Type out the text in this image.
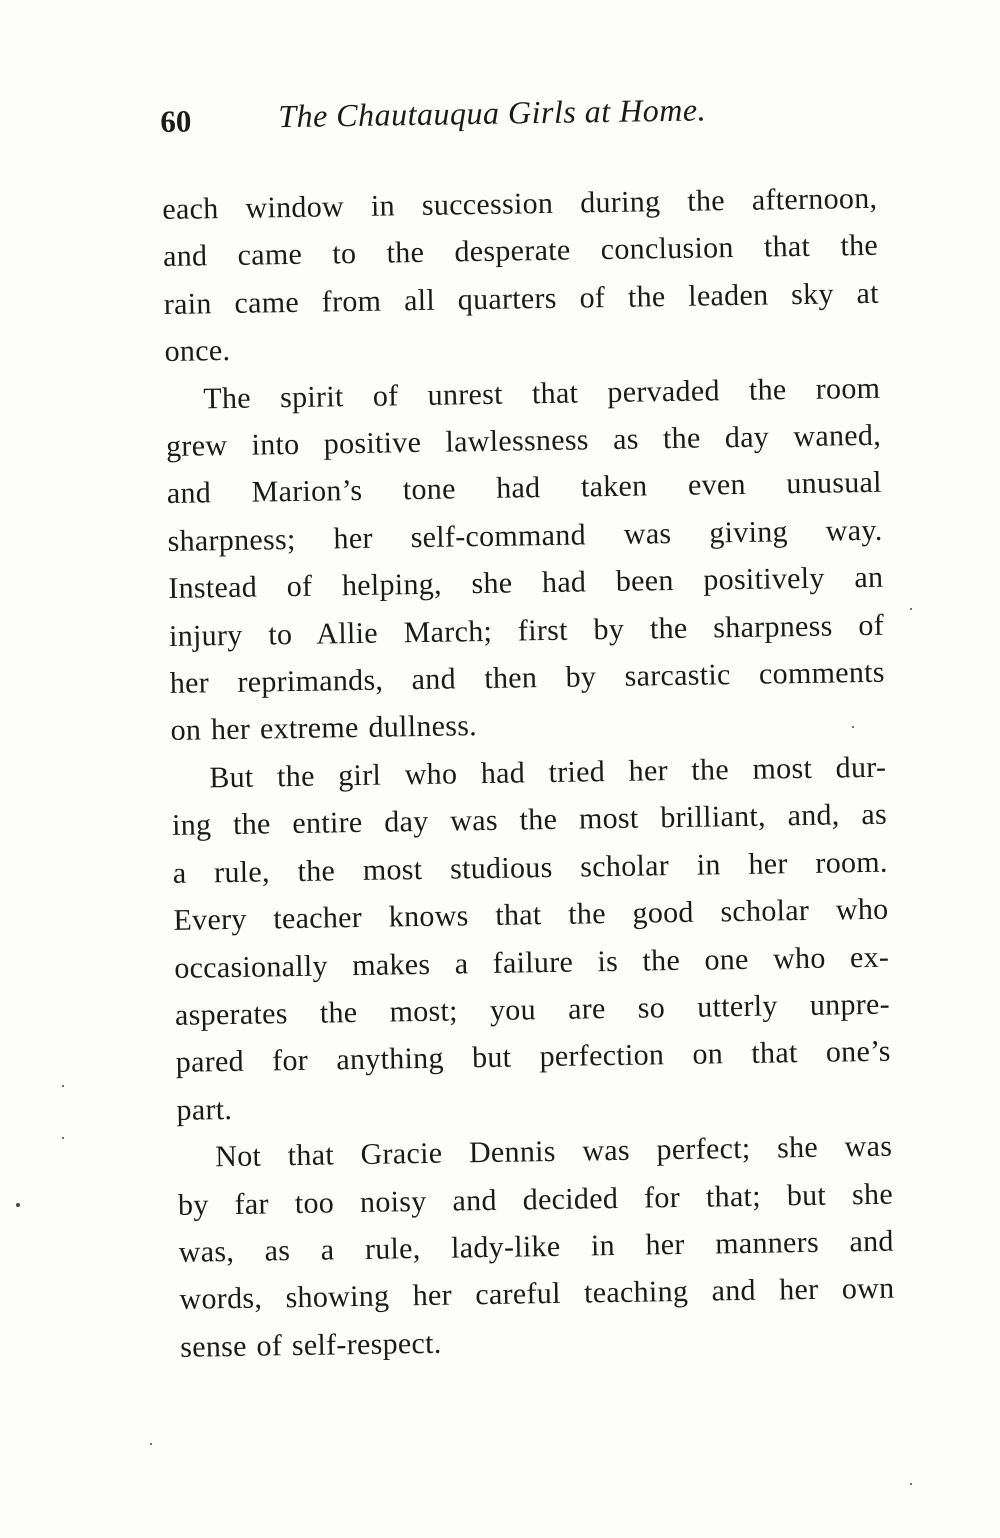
60	The Chautauqua Girls at Home.
each window in succession during the afternoon,
and came to the desperate conclusion that the
rain came from all quarters of the leaden sky at
once.
The spirit of unrest that pervaded the room
grew into positive lawlessness as the day waned,
and Marion’s tone had taken even unusual
sharpness; her self-command was giving way.
Instead of helping, she had been positively an
injury to Allie March; first by the sharpness of
her reprimands, and then by sarcastic comments
on her extreme dullness.
But the girl who had tried her the most dur-
ing the entire day was the most brilliant, and, as
a rule, the most studious scholar in her room.
Every teacher knows that the good scholar who
occasionally makes a failure is the one who ex-
asperates the most; you are so utterly unpre-
pared for anything but perfection on that one’s
part.
Not that Gracie Dennis was perfect; she was
by far too noisy and decided for that; but she
was, as a rule, lady-like in her manners and
words, showing her careful teaching and her own
sense of self-respect.
